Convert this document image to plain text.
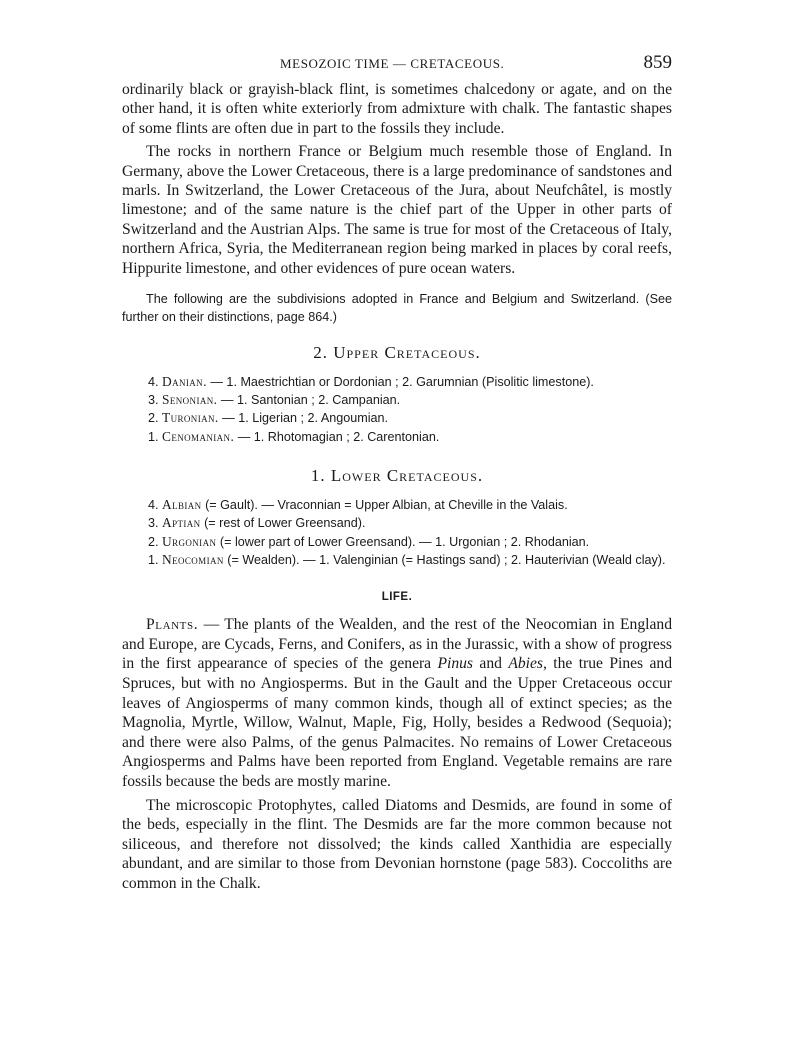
MESOZOIC TIME — CRETACEOUS.	859

ordinarily black or grayish-black flint, is sometimes chalcedony or agate, and on the other hand, it is often white exteriorly from admixture with chalk. The fantastic shapes of some flints are often due in part to the fossils they include.

The rocks in northern France or Belgium much resemble those of England. In Germany, above the Lower Cretaceous, there is a large predominance of sandstones and marls. In Switzerland, the Lower Cretaceous of the Jura, about Neufchâtel, is mostly limestone; and of the same nature is the chief part of the Upper in other parts of Switzerland and the Austrian Alps. The same is true for most of the Cretaceous of Italy, northern Africa, Syria, the Mediterranean region being marked in places by coral reefs, Hippurite limestone, and other evidences of pure ocean waters.

The following are the subdivisions adopted in France and Belgium and Switzerland. (See further on their distinctions, page 864.)

2. Upper Cretaceous.
4. Danian. — 1. Maestrichtian or Dordonian ; 2. Garumnian (Pisolitic limestone).
3. Senonian. — 1. Santonian ; 2. Campanian.
2. Turonian. — 1. Ligerian ; 2. Angoumian.
1. Cenomanian. — 1. Rhotomagian ; 2. Carentonian.
1. Lower Cretaceous.
4. Albian (= Gault). — Vraconnian = Upper Albian, at Cheville in the Valais.
3. Aptian (= rest of Lower Greensand).
2. Urgonian (= lower part of Lower Greensand). — 1. Urgonian ; 2. Rhodanian.
1. Neocomian (= Wealden). — 1. Valenginian (= Hastings sand) ; 2. Hauterivian (Weald clay).
LIFE.

Plants. — The plants of the Wealden, and the rest of the Neocomian in England and Europe, are Cycads, Ferns, and Conifers, as in the Jurassic, with a show of progress in the first appearance of species of the genera Pinus and Abies, the true Pines and Spruces, but with no Angiosperms. But in the Gault and the Upper Cretaceous occur leaves of Angiosperms of many common kinds, though all of extinct species; as the Magnolia, Myrtle, Willow, Walnut, Maple, Fig, Holly, besides a Redwood (Sequoia); and there were also Palms, of the genus Palmacites. No remains of Lower Cretaceous Angiosperms and Palms have been reported from England. Vegetable remains are rare fossils because the beds are mostly marine.

The microscopic Protophytes, called Diatoms and Desmids, are found in some of the beds, especially in the flint. The Desmids are far the more common because not siliceous, and therefore not dissolved; the kinds called Xanthidia are especially abundant, and are similar to those from Devonian hornstone (page 583). Coccoliths are common in the Chalk.
